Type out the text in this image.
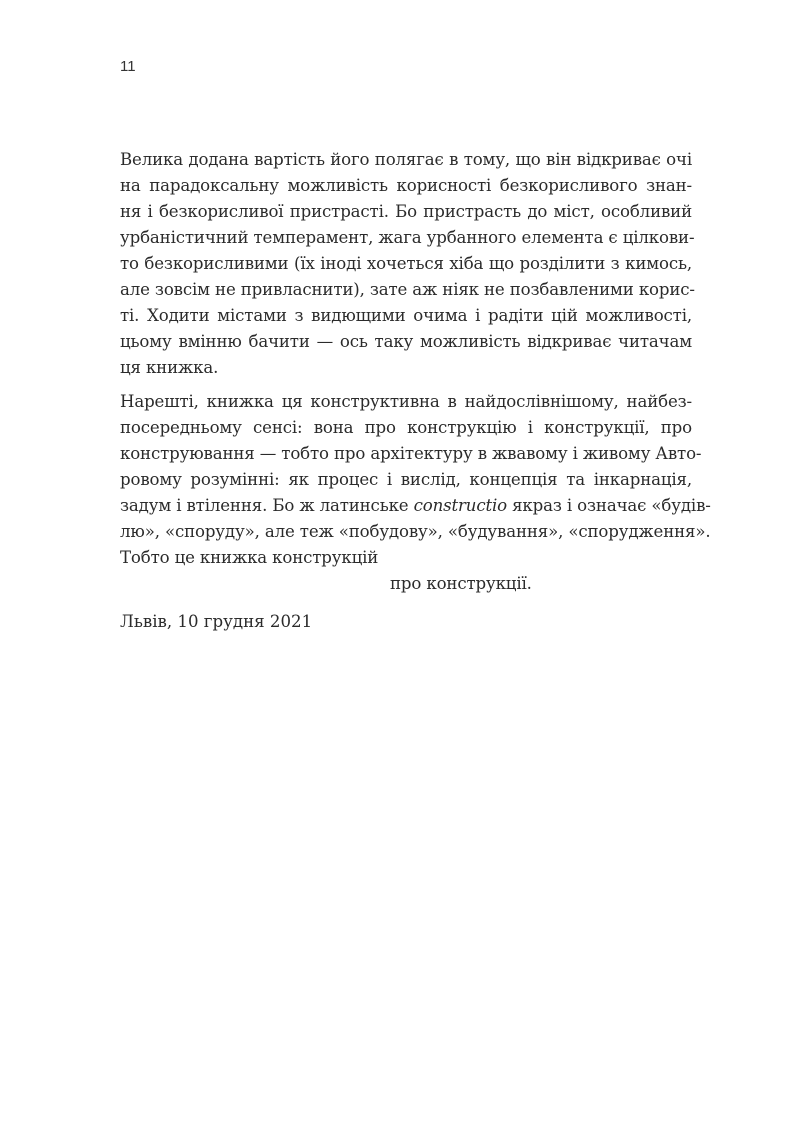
11
Велика додана вартість його полягає в тому, що він відкриває очі
на парадоксальну можливість корисності безкорисливого знан-
ня і безкорисливої пристрасті. Бо пристрасть до міст, особливий
урбаністичний темперамент, жага урбанного елемента є цілкови-
то безкорисливими (їх іноді хочеться хіба що розділити з кимось,
але зовсім не привласнити), зате аж ніяк не позбавленими корис-
ті. Ходити містами з видющими очима і радіти цій можливості,
цьому вмінню бачити — ось таку можливість відкриває читачам
ця книжка.
Нарешті, книжка ця конструктивна в найдослівнішому, найбез-
посередньому сенсі: вона про конструкцію і конструкції, про
конструювання — тобто про архітектуру в жвавому і живому Авто-
ровому розумінні: як процес і вислід, концепція та інкарнація,
задум і втілення. Бо ж латинське constructio якраз і означає «будів-
лю», «споруду», але теж «побудову», «будування», «спорудження».
Тобто це книжка конструкцій
про конструкції.
Львів, 10 грудня 2021
